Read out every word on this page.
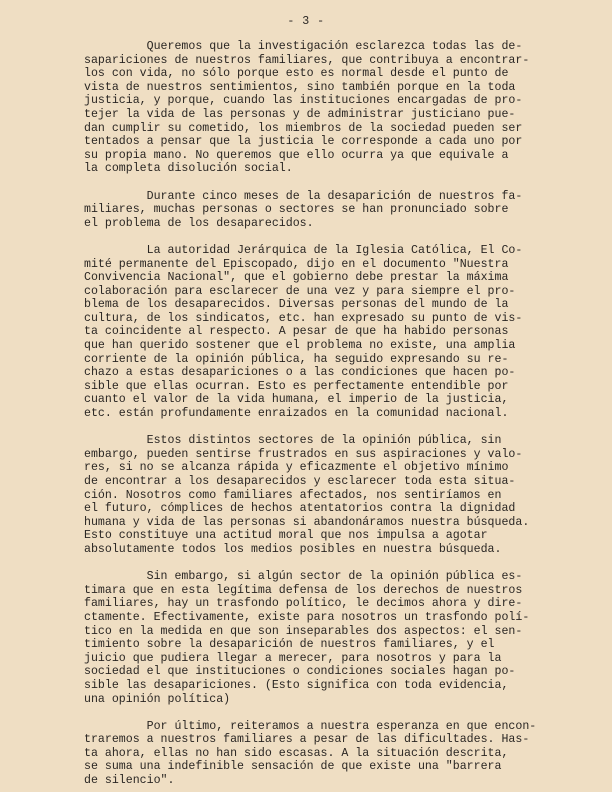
- 3 -
Queremos que la investigación esclarezca todas las de-
sapariciones de nuestros familiares, que contribuya a encontrar-
los con vida, no sólo porque esto es normal desde el punto de
vista de nuestros sentimientos, sino también porque en la toda
justicia, y porque, cuando las instituciones encargadas de pro-
tejer la vida de las personas y de administrar justiciano pue-
dan cumplir su cometido, los miembros de la sociedad pueden ser
tentados a pensar que la justicia le corresponde a cada uno por
su propia mano. No queremos que ello ocurra ya que equivale a
la completa disolución social.
Durante cinco meses de la desaparición de nuestros fa-
miliares, muchas personas o sectores se han pronunciado sobre
el problema de los desaparecidos.
La autoridad Jerárquica de la Iglesia Católica, El Co-
mité permanente del Episcopado, dijo en el documento "Nuestra
Convivencia Nacional", que el gobierno debe prestar la máxima
colaboración para esclarecer de una vez y para siempre el pro-
blema de los desaparecidos. Diversas personas del mundo de la
cultura, de los sindicatos, etc. han expresado su punto de vis-
ta coincidente al respecto. A pesar de que ha habido personas
que han querido sostener que el problema no existe, una amplia
corriente de la opinión pública, ha seguido expresando su re-
chazo a estas desapariciones o a las condiciones que hacen po-
sible que ellas ocurran. Esto es perfectamente entendible por
cuanto el valor de la vida humana, el imperio de la justicia,
etc. están profundamente enraizados en la comunidad nacional.
Estos distintos sectores de la opinión pública, sin
embargo, pueden sentirse frustrados en sus aspiraciones y valo-
res, si no se alcanza rápida y eficazmente el objetivo mínimo
de encontrar a los desaparecidos y esclarecer toda esta situa-
ción. Nosotros como familiares afectados, nos sentiríamos en
el futuro, cómplices de hechos atentatorios contra la dignidad
humana y vida de las personas si abandonáramos nuestra búsqueda.
Esto constituye una actitud moral que nos impulsa a agotar
absolutamente todos los medios posibles en nuestra búsqueda.
Sin embargo, si algún sector de la opinión pública es-
timara que en esta legítima defensa de los derechos de nuestros
familiares, hay un trasfondo político, le decimos ahora y dire-
ctamente. Efectivamente, existe para nosotros un trasfondo polí-
tico en la medida en que son inseparables dos aspectos: el sen-
timiento sobre la desaparición de nuestros familiares, y el
juicio que pudiera llegar a merecer, para nosotros y para la
sociedad el que instituciones o condiciones sociales hagan po-
sible las desapariciones. (Esto significa con toda evidencia,
una opinión política)
Por último, reiteramos a nuestra esperanza en que encon-
traremos a nuestros familiares a pesar de las dificultades. Has-
ta ahora, ellas no han sido escasas. A la situación descrita,
se suma una indefinible sensación de que existe una "barrera
de silencio".
